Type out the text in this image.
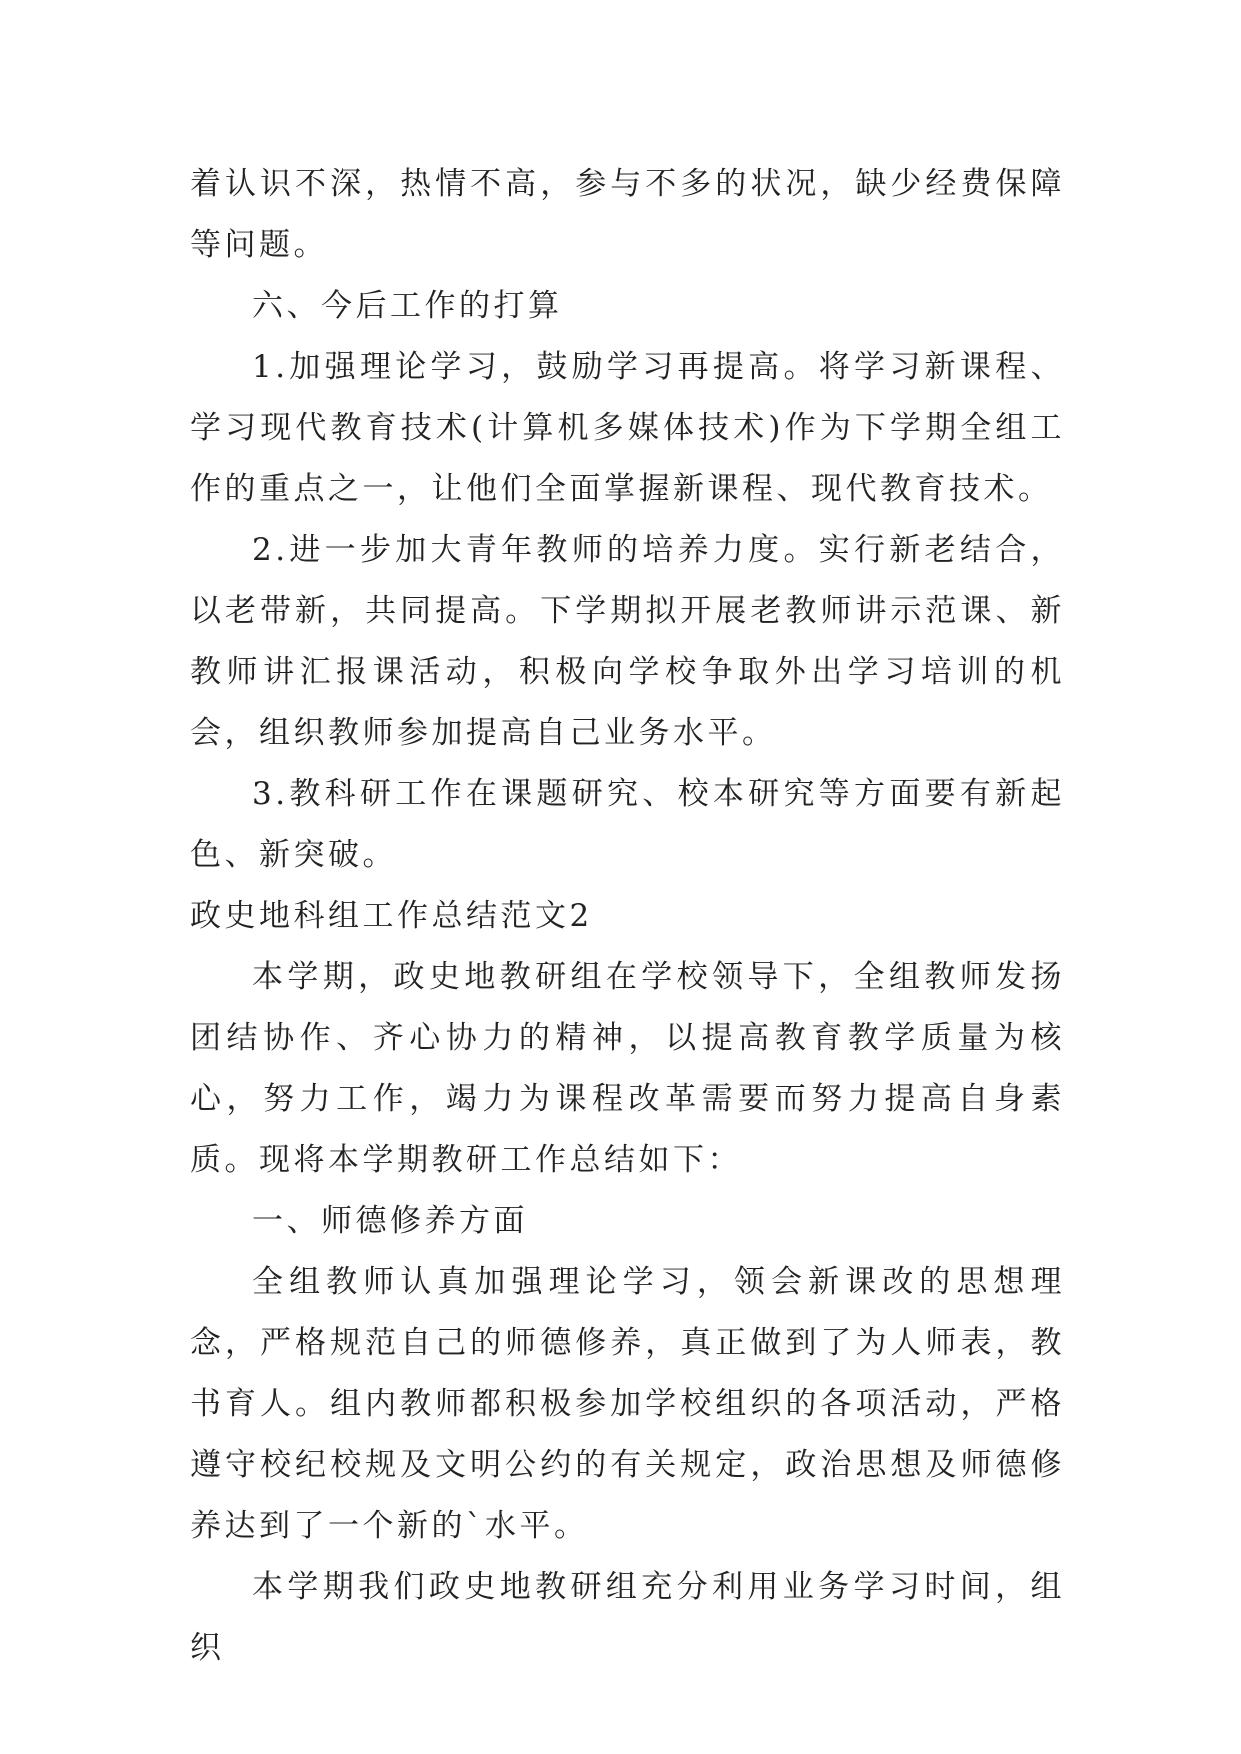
着认识不深，热情不高，参与不多的状况，缺少经费保障等问题。

六、今后工作的打算

1.加强理论学习，鼓励学习再提高。将学习新课程、学习现代教育技术(计算机多媒体技术)作为下学期全组工作的重点之一，让他们全面掌握新课程、现代教育技术。

2.进一步加大青年教师的培养力度。实行新老结合，以老带新，共同提高。下学期拟开展老教师讲示范课、新教师讲汇报课活动，积极向学校争取外出学习培训的机会，组织教师参加提高自己业务水平。

3.教科研工作在课题研究、校本研究等方面要有新起色、新突破。

政史地科组工作总结范文2

本学期，政史地教研组在学校领导下，全组教师发扬团结协作、齐心协力的精神，以提高教育教学质量为核心，努力工作，竭力为课程改革需要而努力提高自身素质。现将本学期教研工作总结如下：

一、师德修养方面

全组教师认真加强理论学习，领会新课改的思想理念，严格规范自己的师德修养，真正做到了为人师表，教书育人。组内教师都积极参加学校组织的各项活动，严格遵守校纪校规及文明公约的有关规定，政治思想及师德修养达到了一个新的`水平。

本学期我们政史地教研组充分利用业务学习时间，组织
